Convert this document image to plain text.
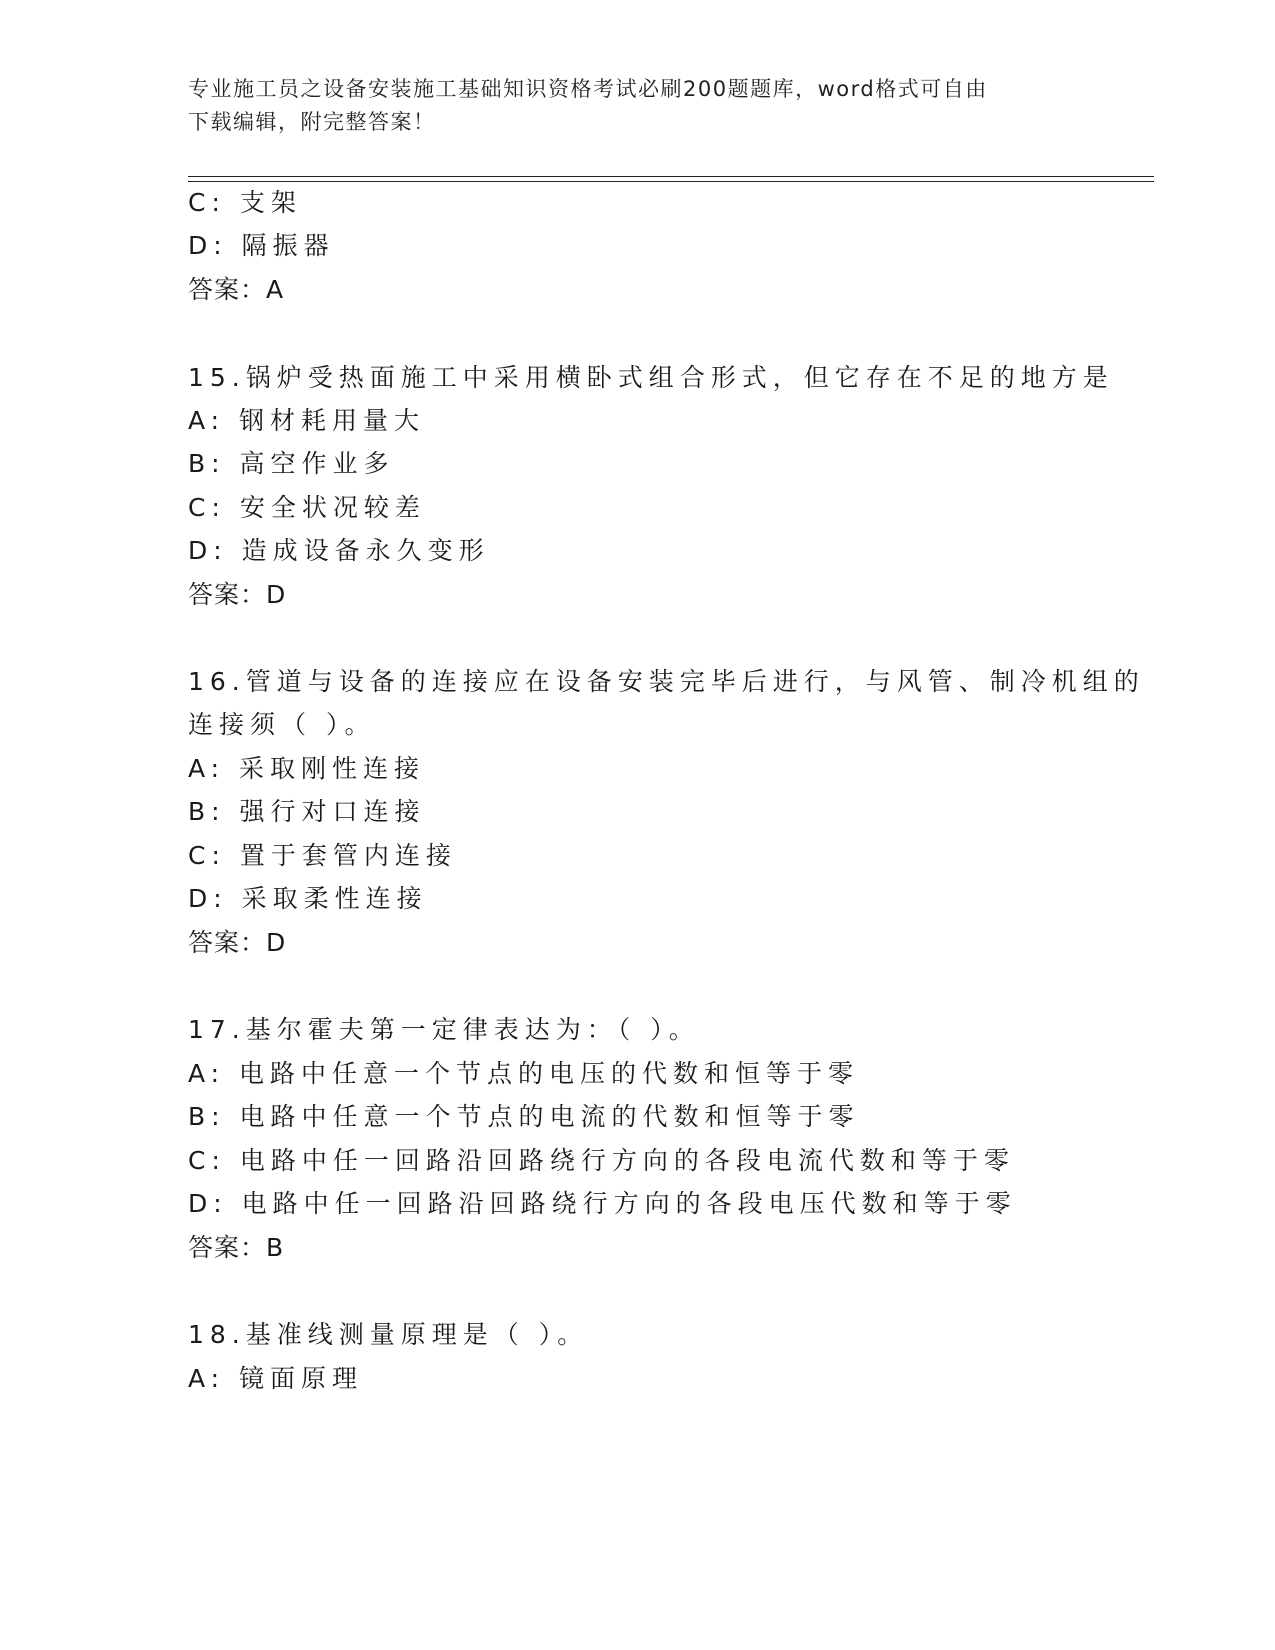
专业施工员之设备安装施工基础知识资格考试必刷200题题库，word格式可自由
下载编辑，附完整答案！
C: 支架
D: 隔振器
答案：A
15.锅炉受热面施工中采用横卧式组合形式，但它存在不足的地方是
A: 钢材耗用量大
B: 高空作业多
C: 安全状况较差
D: 造成设备永久变形
答案：D
16.管道与设备的连接应在设备安装完毕后进行，与风管、制冷机组的
连接须（ ）。
A: 采取刚性连接
B: 强行对口连接
C: 置于套管内连接
D: 采取柔性连接
答案：D
17.基尔霍夫第一定律表达为：（ ）。
A: 电路中任意一个节点的电压的代数和恒等于零
B: 电路中任意一个节点的电流的代数和恒等于零
C: 电路中任一回路沿回路绕行方向的各段电流代数和等于零
D: 电路中任一回路沿回路绕行方向的各段电压代数和等于零
答案：B
18.基准线测量原理是（ ）。
A: 镜面原理
